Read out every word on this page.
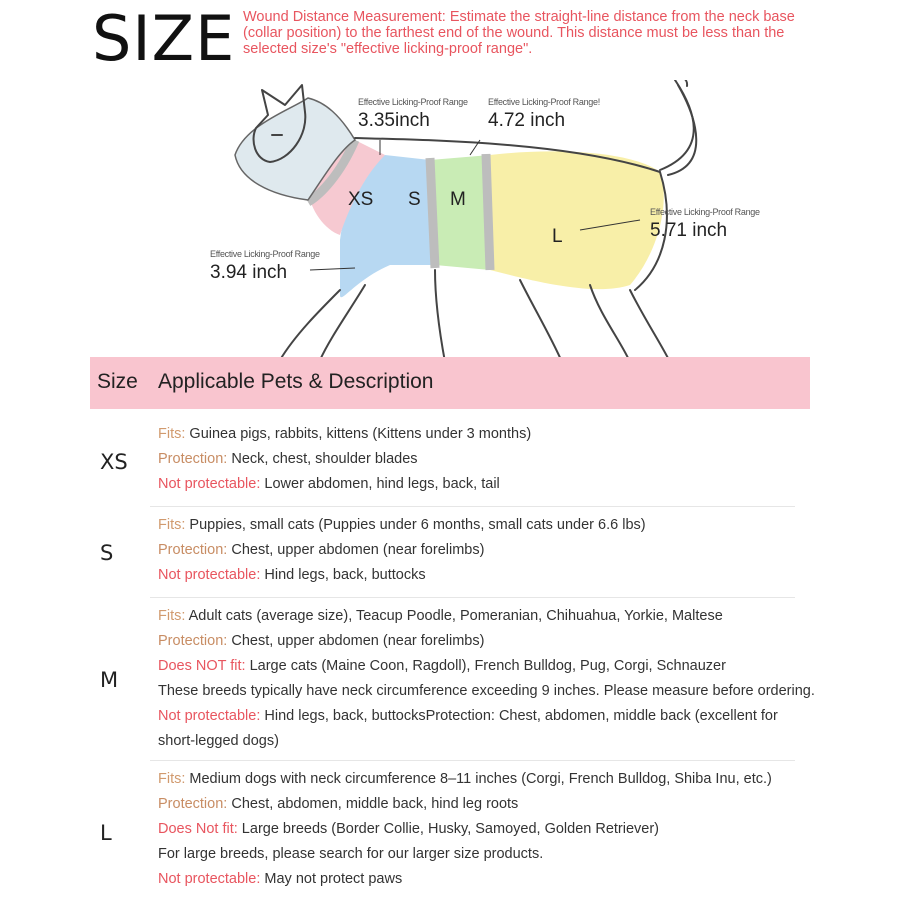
SIZE Wound Distance Measurement: Estimate the straight-line distance from the neck base (collar position) to the farthest end of the wound. This distance must be less than the selected size's "effective licking-proof range".

XS S M
L
Effective Licking-Proof Range
3.35inch
Effective Licking-Proof Range!
4.72 inch
Effective Licking-Proof Range
5.71 inch
Effective Licking-Proof Range
3.94 inch
Size Applicable Pets & Description
XS
Fits: Guinea pigs, rabbits, kittens (Kittens under 3 months)
Protection: Neck, chest, shoulder blades
Not protectable: Lower abdomen, hind legs, back, tail
S
Fits: Puppies, small cats (Puppies under 6 months, small cats under 6.6 lbs)
Protection: Chest, upper abdomen (near forelimbs)
Not protectable: Hind legs, back, buttocks
M
Fits: Adult cats (average size), Teacup Poodle, Pomeranian, Chihuahua, Yorkie, Maltese
Protection: Chest, upper abdomen (near forelimbs)
Does NOT fit: Large cats (Maine Coon, Ragdoll), French Bulldog, Pug, Corgi, Schnauzer
These breeds typically have neck circumference exceeding 9 inches. Please measure before ordering.
Not protectable: Hind legs, back, buttocksProtection: Chest, abdomen, middle back (excellent for short-legged dogs)
L
Fits: Medium dogs with neck circumference 8–11 inches (Corgi, French Bulldog, Shiba Inu, etc.)
Protection: Chest, abdomen, middle back, hind leg roots
Does Not fit: Large breeds (Border Collie, Husky, Samoyed, Golden Retriever)
For large breeds, please search for our larger size products.
Not protectable: May not protect paws
